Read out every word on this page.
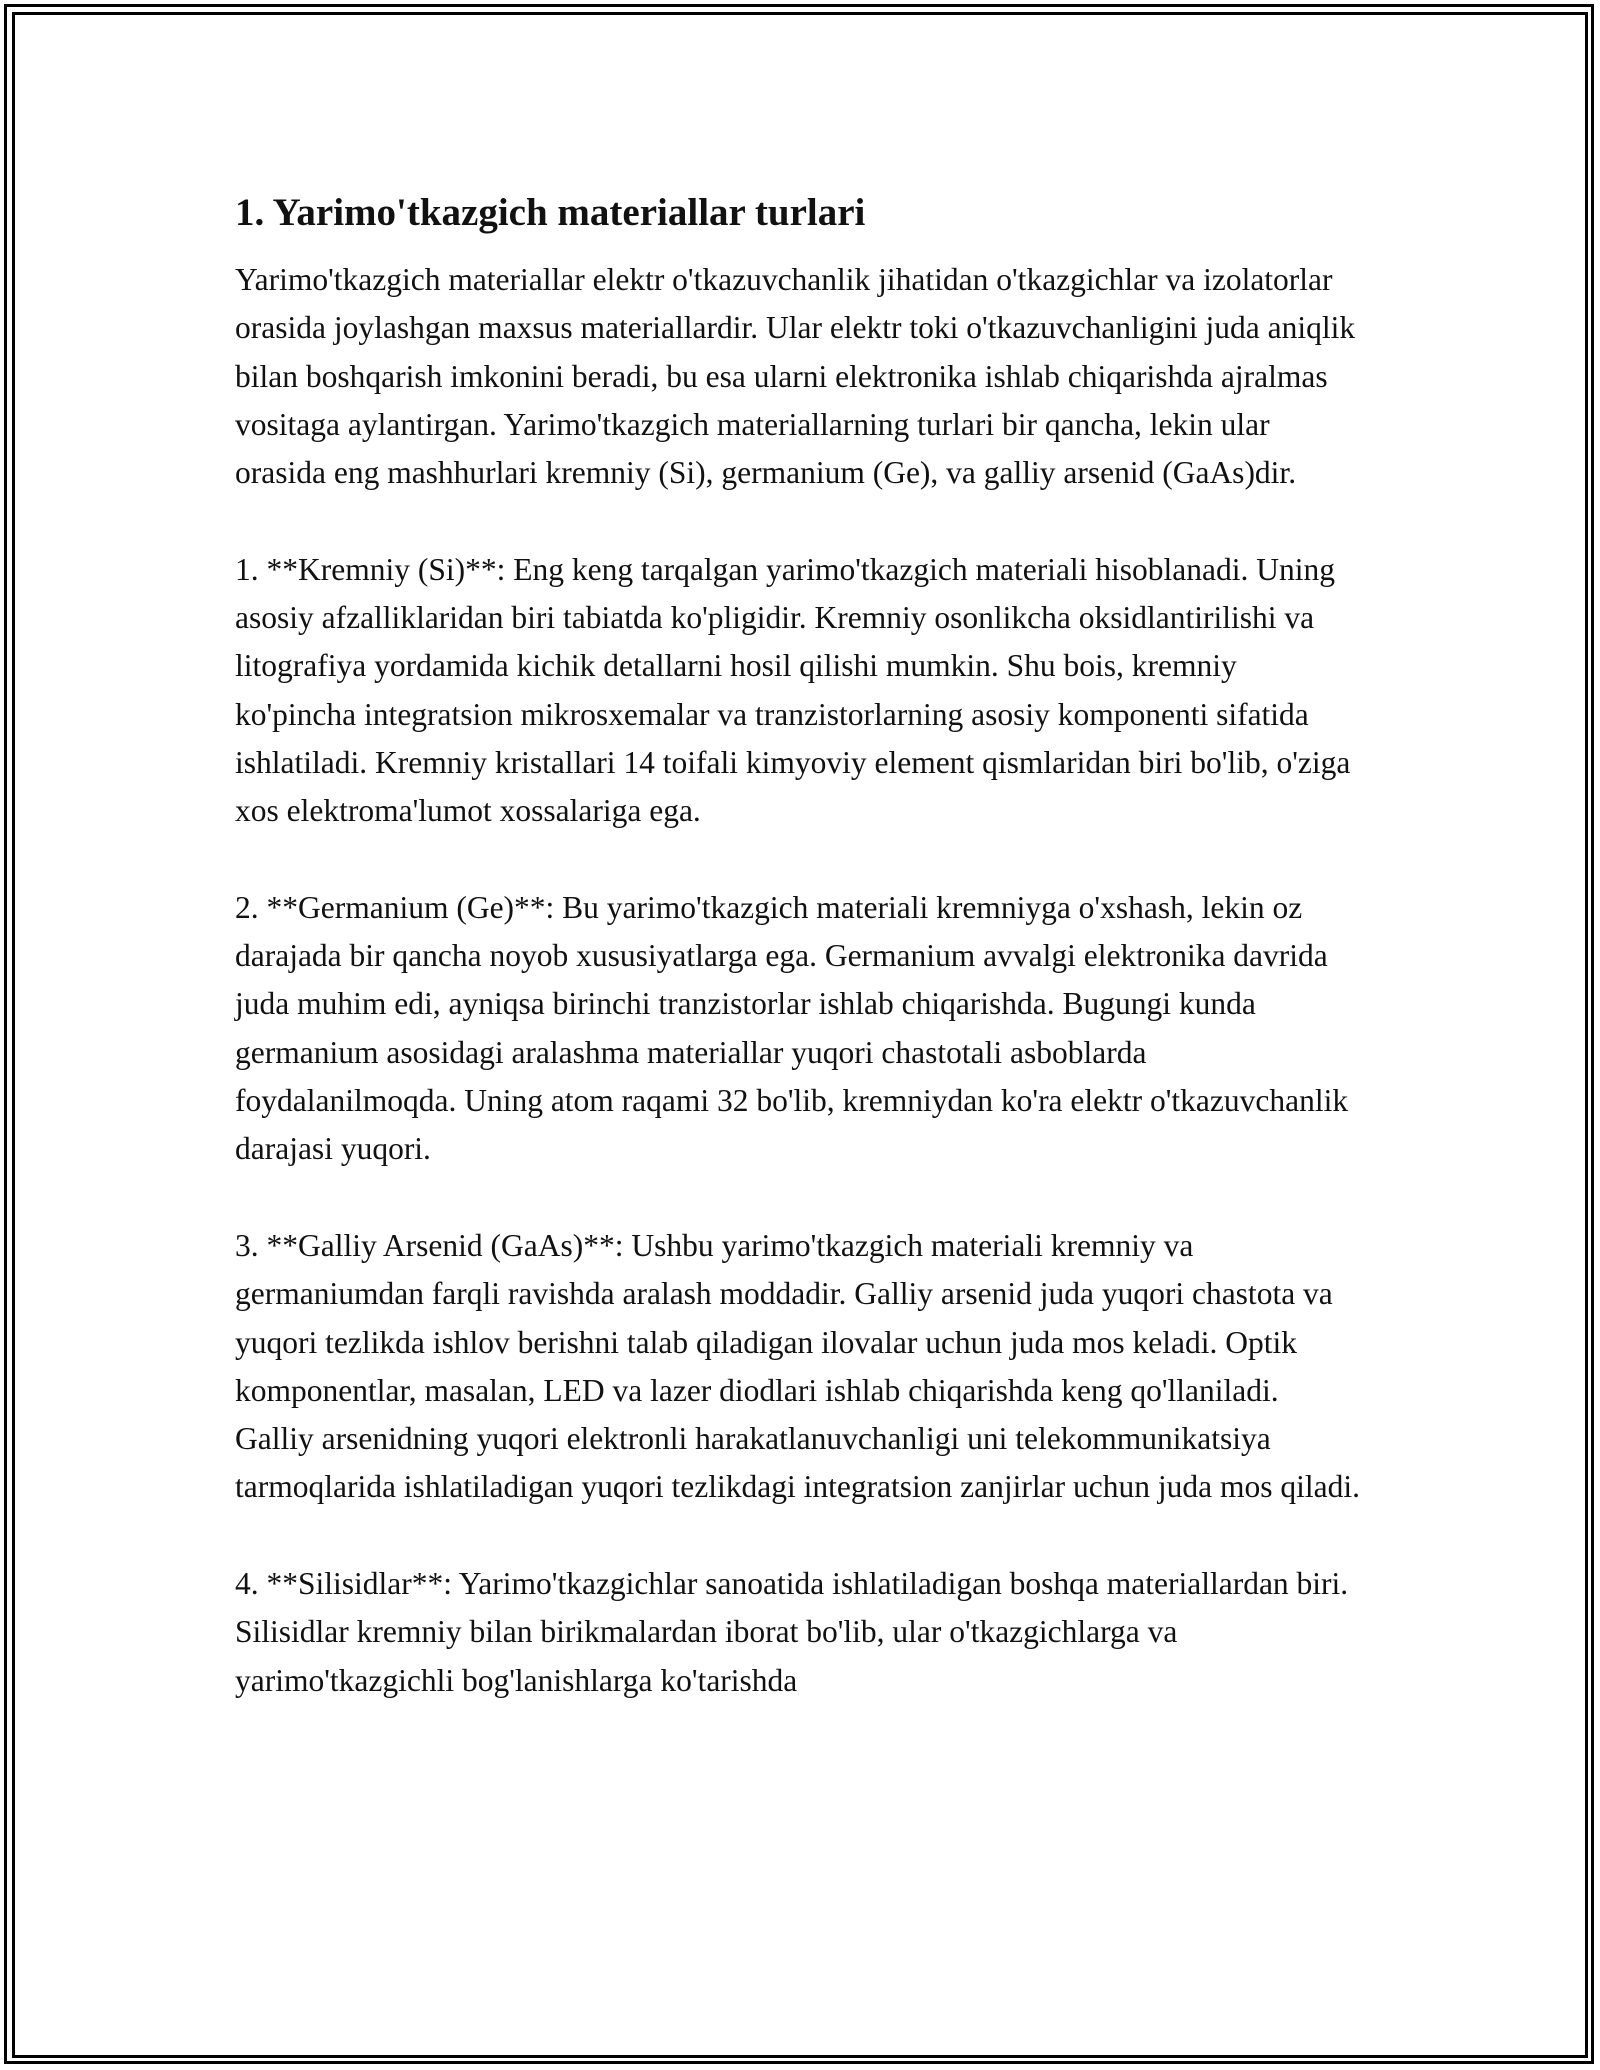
1. Yarimo'tkazgich materiallar turlari

Yarimo'tkazgich materiallar elektr o'tkazuvchanlik jihatidan o'tkazgichlar va izolatorlar orasida joylashgan maxsus materiallardir. Ular elektr toki o'tkazuvchanligini juda aniqlik bilan boshqarish imkonini beradi, bu esa ularni elektronika ishlab chiqarishda ajralmas vositaga aylantirgan. Yarimo'tkazgich materiallarning turlari bir qancha, lekin ular orasida eng mashhurlari kremniy (Si), germanium (Ge), va galliy arsenid (GaAs)dir.

1. **Kremniy (Si)**: Eng keng tarqalgan yarimo'tkazgich materiali hisoblanadi. Uning asosiy afzalliklaridan biri tabiatda ko'pligidir. Kremniy osonlikcha oksidlantirilishi va litografiya yordamida kichik detallarni hosil qilishi mumkin. Shu bois, kremniy ko'pincha integratsion mikrosxemalar va tranzistorlarning asosiy komponenti sifatida ishlatiladi. Kremniy kristallari 14 toifali kimyoviy element qismlaridan biri bo'lib, o'ziga xos elektroma'lumot xossalariga ega.

2. **Germanium (Ge)**: Bu yarimo'tkazgich materiali kremniyga o'xshash, lekin oz darajada bir qancha noyob xususiyatlarga ega. Germanium avvalgi elektronika davrida juda muhim edi, ayniqsa birinchi tranzistorlar ishlab chiqarishda. Bugungi kunda germanium asosidagi aralashma materiallar yuqori chastotali asboblarda foydalanilmoqda. Uning atom raqami 32 bo'lib, kremniydan ko'ra elektr o'tkazuvchanlik darajasi yuqori.

3. **Galliy Arsenid (GaAs)**: Ushbu yarimo'tkazgich materiali kremniy va germaniumdan farqli ravishda aralash moddadir. Galliy arsenid juda yuqori chastota va yuqori tezlikda ishlov berishni talab qiladigan ilovalar uchun juda mos keladi. Optik komponentlar, masalan, LED va lazer diodlari ishlab chiqarishda keng qo'llaniladi. Galliy arsenidning yuqori elektronli harakatlanuvchanligi uni telekommunikatsiya tarmoqlarida ishlatiladigan yuqori tezlikdagi integratsion zanjirlar uchun juda mos qiladi.

4. **Silisidlar**: Yarimo'tkazgichlar sanoatida ishlatiladigan boshqa materiallardan biri. Silisidlar kremniy bilan birikmalardan iborat bo'lib, ular o'tkazgichlarga va yarimo'tkazgichli bog'lanishlarga ko'tarishda
